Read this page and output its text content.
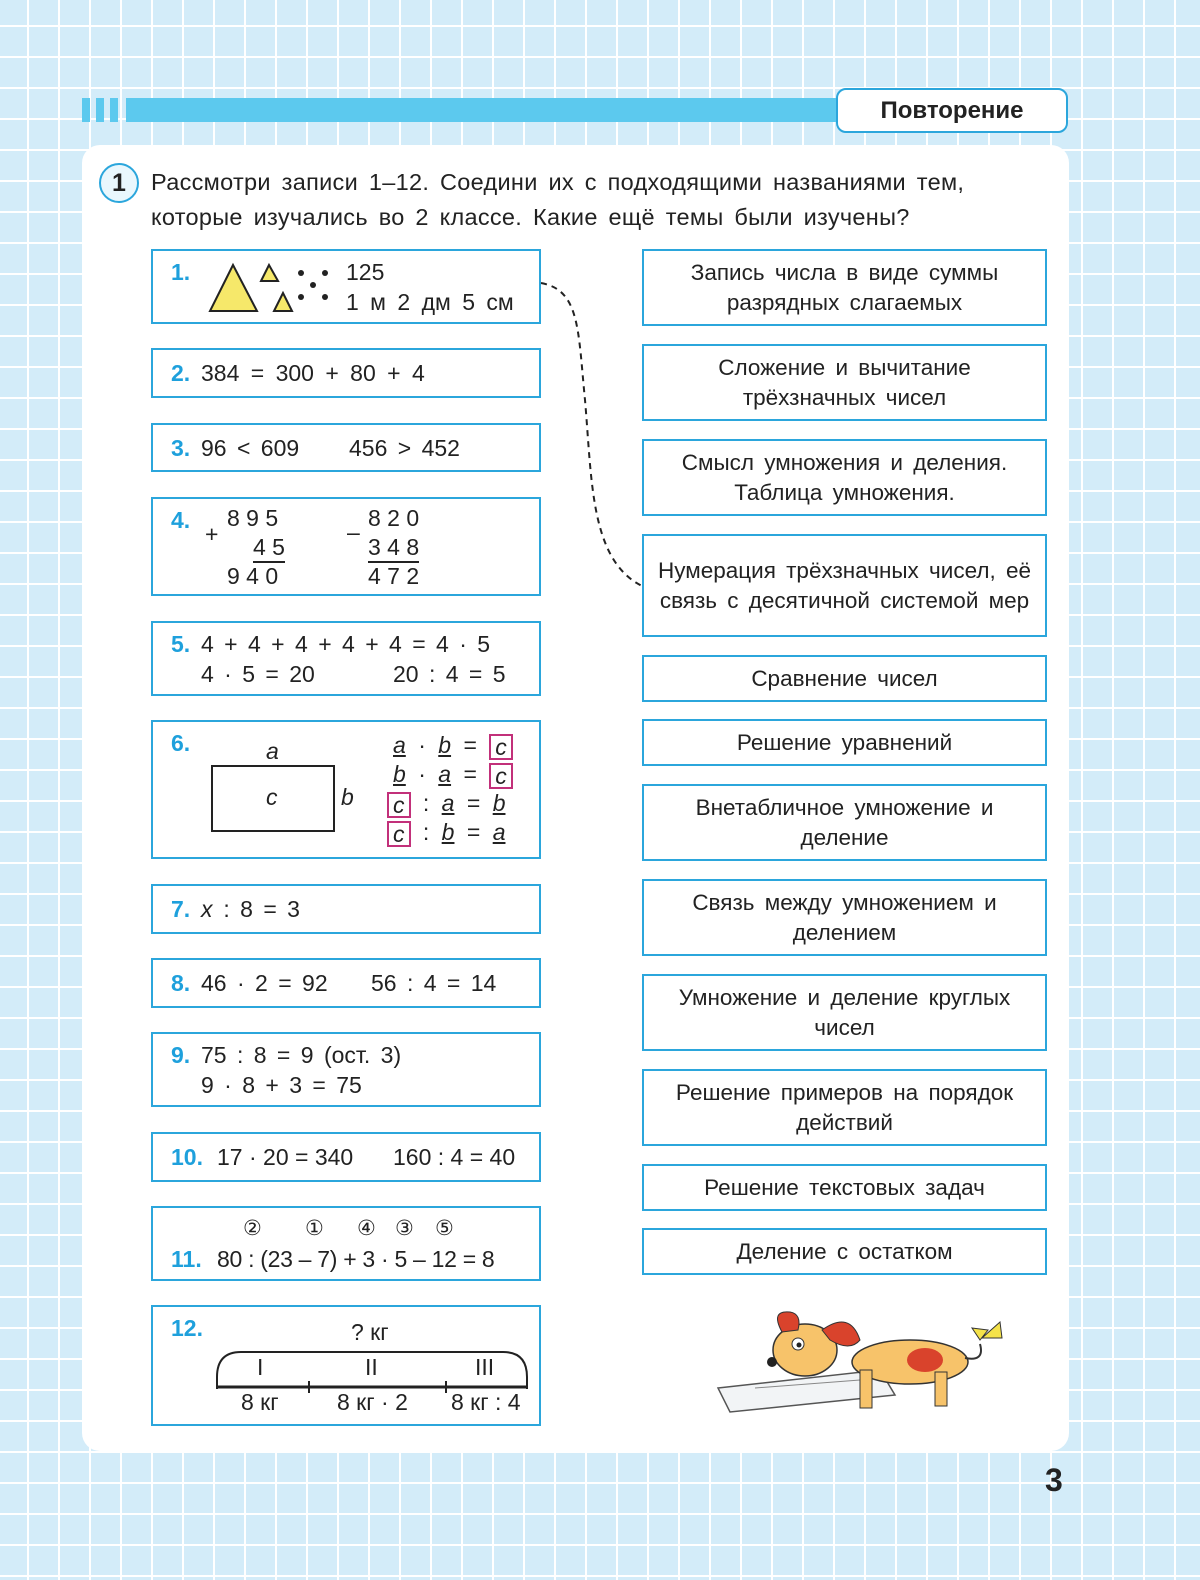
Повторение
1	Рассмотри записи 1–12. Соедини их с подходящими названиями тем, которые изучались во 2 классе. Какие ещё темы были изучены?
1.	125
1 м 2 дм 5 см
2. 384 = 300 + 80 + 4
3. 96 < 609 456 > 452
4.
+
8 9 5
4 5
9 4 0
–
8 2 0
3 4 8
4 7 2
5. 4 + 4 + 4 + 4 + 4 = 4 · 5
4 · 5 = 20	20 : 4 = 5
6.	a
c	b
a · b = c
b · a = c
c : a = b
c : b = a
7. x : 8 = 3
8. 46 · 2 = 92 56 : 4 = 14
9. 75 : 8 = 9 (ост. 3)
9 · 8 + 3 = 75
10. 17 · 20 = 340 160 : 4 = 40
② ① ④ ③ ⑤
11. 80 : (23 – 7) + 3 · 5 – 12 = 8
12.	? кг
I	II	III
8 кг	8 кг · 2 8 кг : 4
Запись числа в виде суммы разрядных слагаемых
Сложение и вычитание трёхзначных чисел
Смысл умножения и деления. Таблица умножения.
Нумерация трёхзначных чисел, её связь с десятичной системой мер
Сравнение чисел
Решение уравнений
Внетабличное умножение и деление
Связь между умножением и делением
Умножение и деление круглых чисел
Решение примеров на порядок действий
Решение текстовых задач
Деление с остатком
3
